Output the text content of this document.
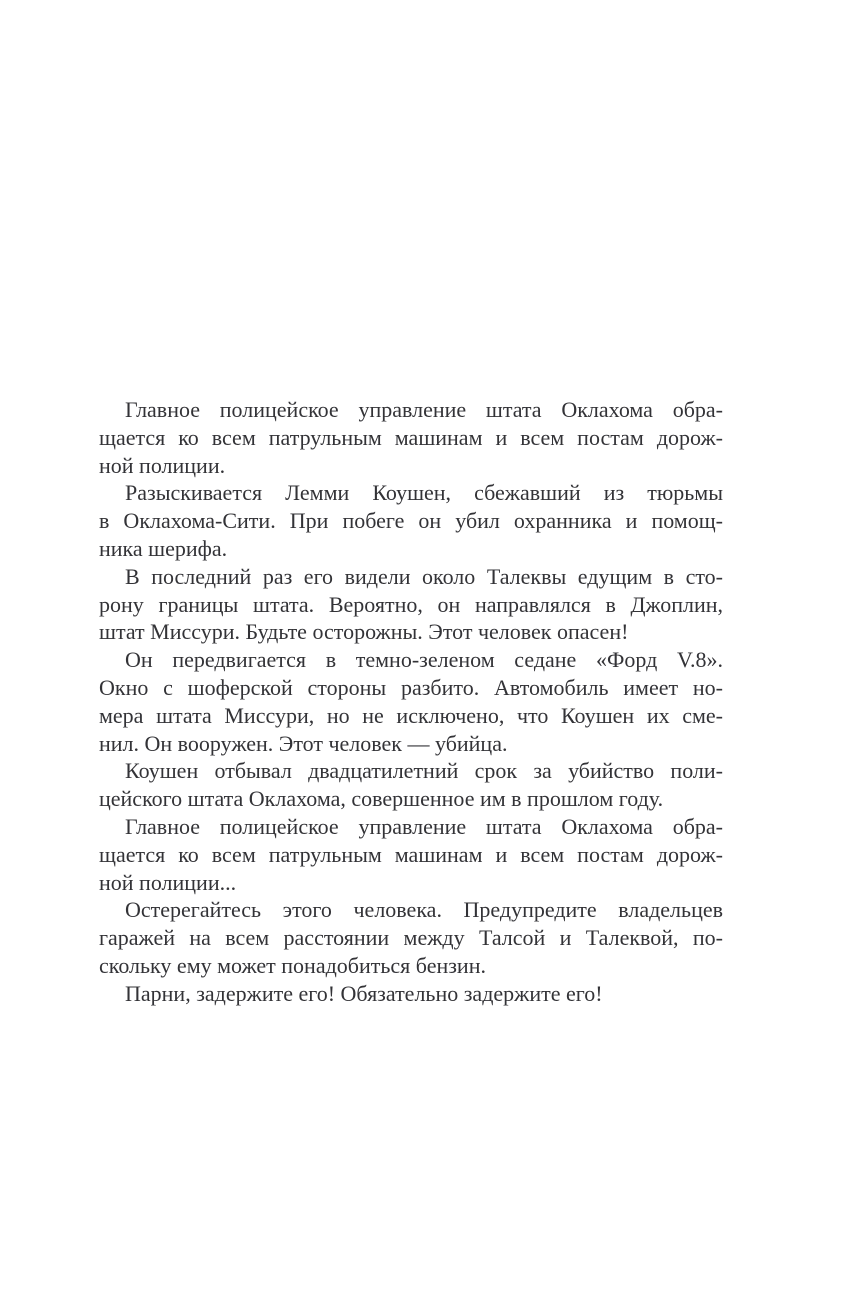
Главное полицейское управление штата Оклахома обра-
щается ко всем патрульным машинам и всем постам дорож-
ной полиции.
Разыскивается Лемми Коушен, сбежавший из тюрьмы
в Оклахома-Сити. При побеге он убил охранника и помощ-
ника шерифа.
В последний раз его видели около Талеквы едущим в сто-
рону границы штата. Вероятно, он направлялся в Джоплин,
штат Миссури. Будьте осторожны. Этот человек опасен!
Он передвигается в темно-зеленом седане «Форд V.8».
Окно с шоферской стороны разбито. Автомобиль имеет но-
мера штата Миссури, но не исключено, что Коушен их сме-
нил. Он вооружен. Этот человек — убийца.
Коушен отбывал двадцатилетний срок за убийство поли-
цейского штата Оклахома, совершенное им в прошлом году.
Главное полицейское управление штата Оклахома обра-
щается ко всем патрульным машинам и всем постам дорож-
ной полиции...
Остерегайтесь этого человека. Предупредите владельцев
гаражей на всем расстоянии между Талсой и Талеквой, по-
скольку ему может понадобиться бензин.
Парни, задержите его! Обязательно задержите его!
